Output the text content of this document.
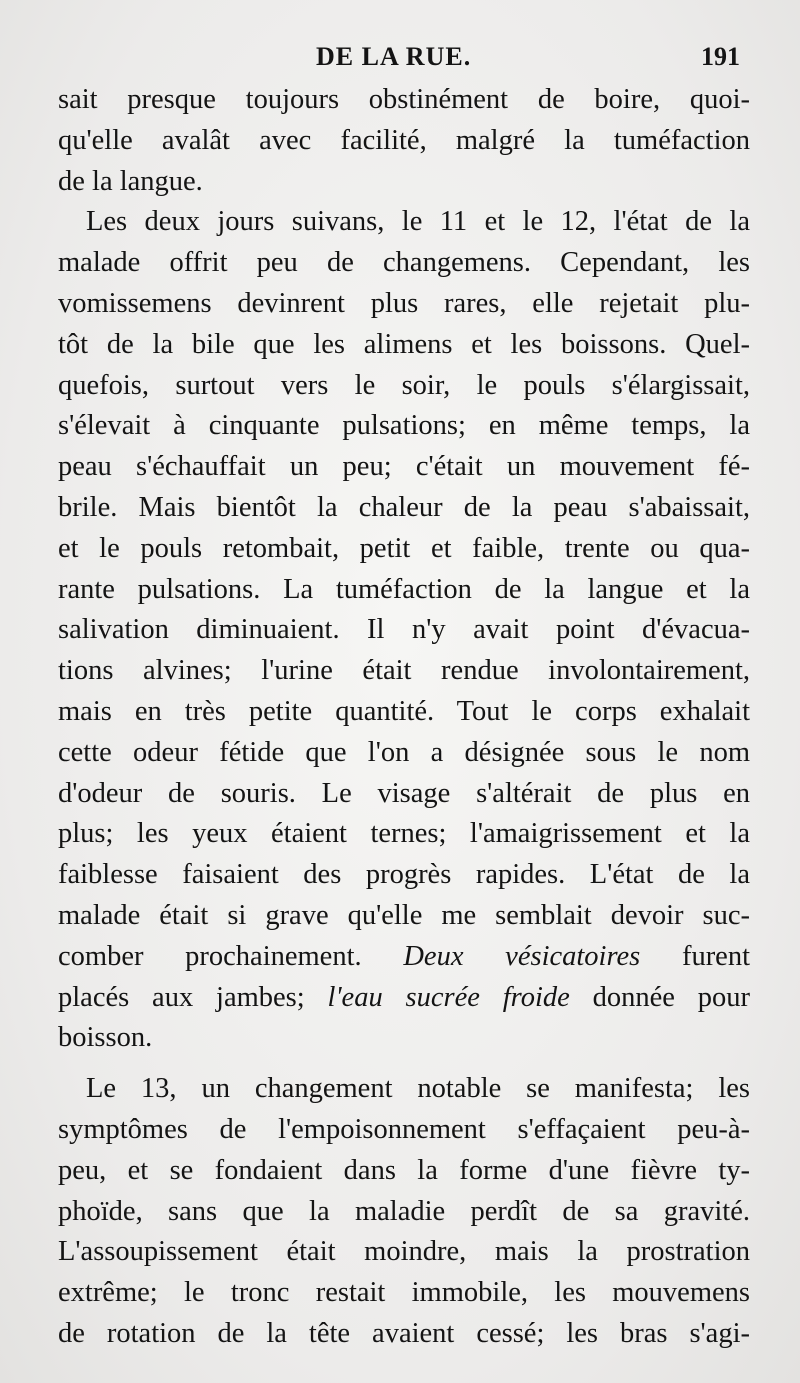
DE LA RUE.	191

sait presque toujours obstinément de boire, quoi-

qu'elle avalât avec facilité, malgré la tuméfaction

de la langue.

Les deux jours suivans, le 11 et le 12, l'état de la

malade offrit peu de changemens. Cependant, les

vomissemens devinrent plus rares, elle rejetait plu-

tôt de la bile que les alimens et les boissons. Quel-

quefois, surtout vers le soir, le pouls s'élargissait,

s'élevait à cinquante pulsations; en même temps, la

peau s'échauffait un peu; c'était un mouvement fé-

brile. Mais bientôt la chaleur de la peau s'abaissait,

et le pouls retombait, petit et faible, trente ou qua-

rante pulsations. La tuméfaction de la langue et la

salivation diminuaient. Il n'y avait point d'évacua-

tions alvines; l'urine était rendue involontairement,

mais en très petite quantité. Tout le corps exhalait

cette odeur fétide que l'on a désignée sous le nom

d'odeur de souris. Le visage s'altérait de plus en

plus; les yeux étaient ternes; l'amaigrissement et la

faiblesse faisaient des progrès rapides. L'état de la

malade était si grave qu'elle me semblait devoir suc-

comber prochainement. Deux vésicatoires furent

placés aux jambes; l'eau sucrée froide donnée pour

boisson.

Le 13, un changement notable se manifesta; les

symptômes de l'empoisonnement s'effaçaient peu-à-

peu, et se fondaient dans la forme d'une fièvre ty-

phoïde, sans que la maladie perdît de sa gravité.

L'assoupissement était moindre, mais la prostration

extrême; le tronc restait immobile, les mouvemens

de rotation de la tête avaient cessé; les bras s'agi-
